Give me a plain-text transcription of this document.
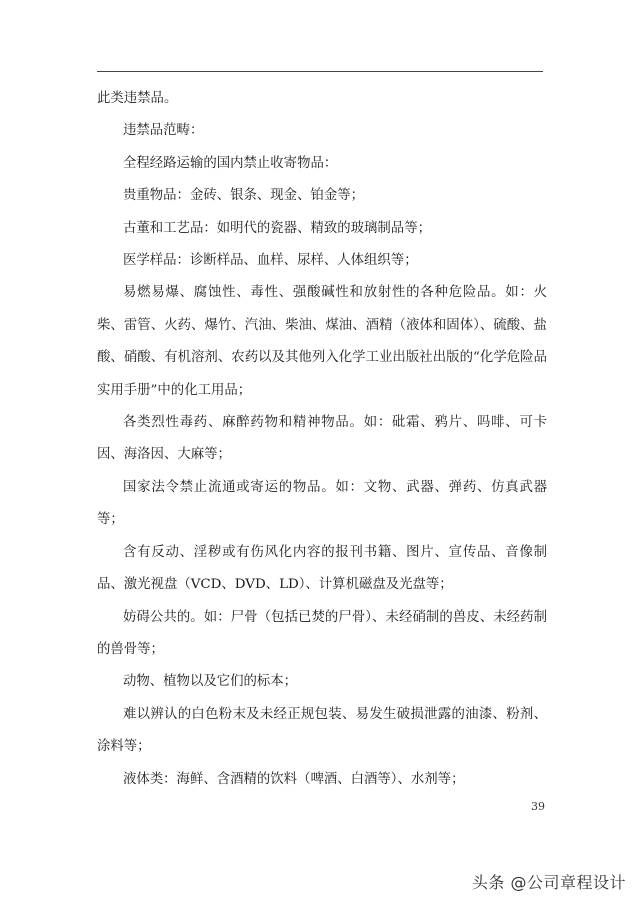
此类违禁品。

违禁品范畴：

全程经路运输的国内禁止收寄物品：

贵重物品：金砖、银条、现金、铂金等；

古董和工艺品：如明代的瓷器、精致的玻璃制品等；

医学样品：诊断样品、血样、尿样、人体组织等；

易燃易爆、腐蚀性、毒性、强酸碱性和放射性的各种危险品。如：火柴、雷管、火药、爆竹、汽油、柴油、煤油、酒精（液体和固体）、硫酸、盐酸、硝酸、有机溶剂、农药以及其他列入化学工业出版社出版的“化学危险品实用手册”中的化工用品；

各类烈性毒药、麻醉药物和精神物品。如：砒霜、鸦片、吗啡、可卡因、海洛因、大麻等；

国家法令禁止流通或寄运的物品。如：文物、武器、弹药、仿真武器等；

含有反动、淫秽或有伤风化内容的报刊书籍、图片、宣传品、音像制品、激光视盘（VCD、DVD、LD）、计算机磁盘及光盘等；

妨碍公共的。如：尸骨（包括已焚的尸骨）、未经硝制的兽皮、未经药制的兽骨等；

动物、植物以及它们的标本；

难以辨认的白色粉末及未经正规包装、易发生破损泄露的油漆、粉剂、涂料等；

液体类：海鲜、含酒精的饮料（啤酒、白酒等）、水剂等；

39
头条 @公司章程设计
